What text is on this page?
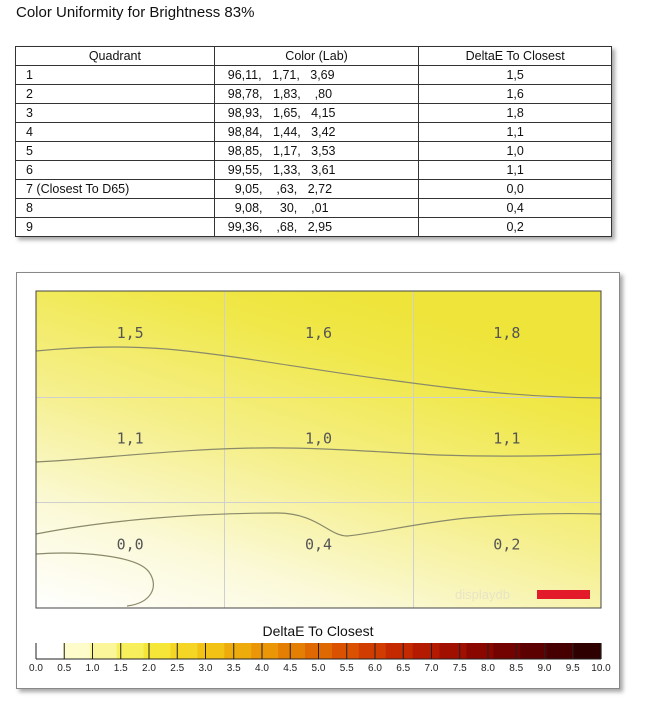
Color Uniformity for Brightness 83%
Quadrant	Color (Lab)	DeltaE To Closest
1	96,11,   1,71,   3,69	1,5
2	98,78,   1,83,    ,80	1,6
3	98,93,   1,65,   4,15	1,8
4	98,84,   1,44,   3,42	1,1
5	98,85,   1,17,   3,53	1,0
6	99,55,   1,33,   3,61	1,1
7 (Closest To D65)	9,05,    ,63,   2,72	0,0
8	9,08,     30,    ,01	0,4
9	99,36,    ,68,   2,95	0,2
1,5	1,6	1,8
1,1	1,0	1,1
0,0	0,4	0,2
displaydb
DeltaE To Closest
0.0 0.5 1.0 1.5 2.0 2.5 3.0 3.5 4.0 4.5 5.0 5.5 6.0 6.5 7.0 7.5 8.0 8.5 9.0 9.5 10.0
